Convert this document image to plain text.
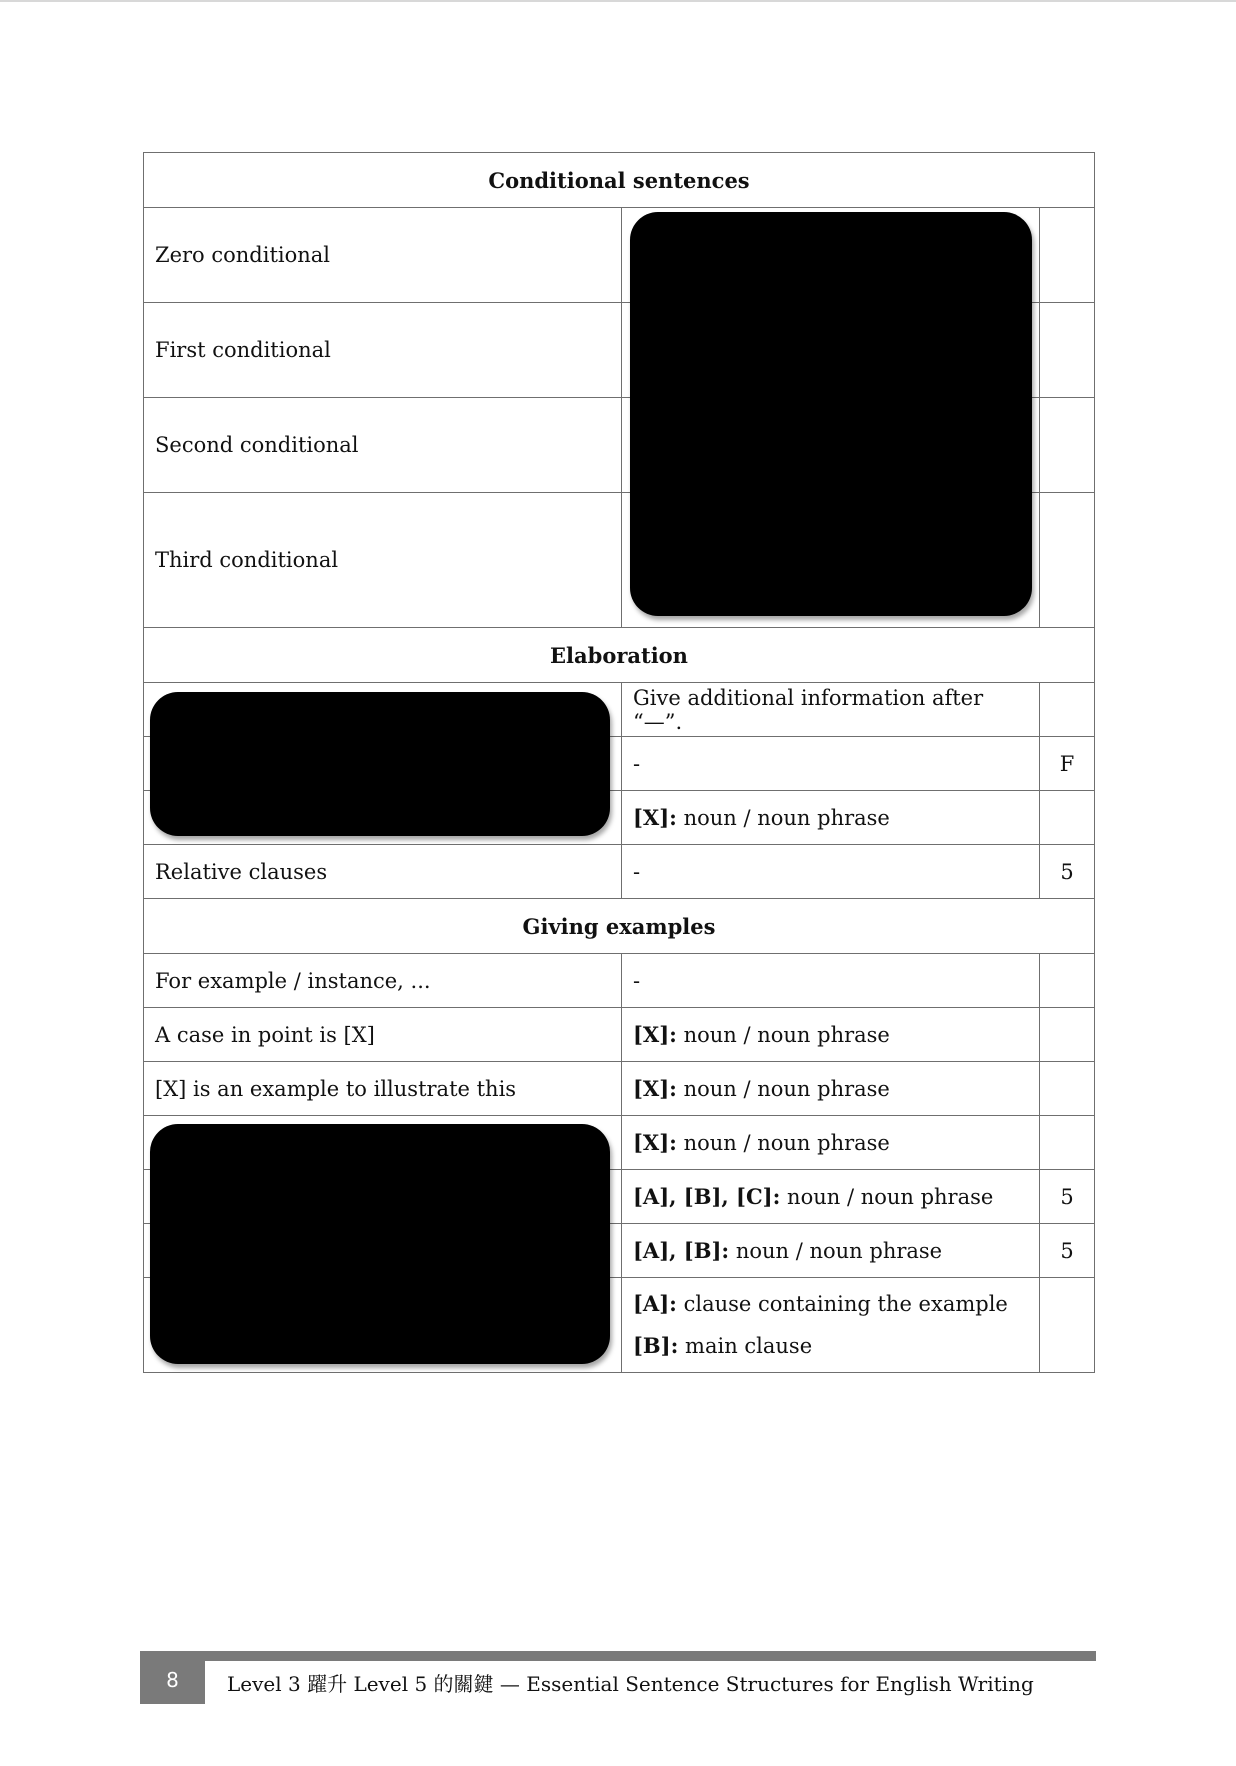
Conditional sentences		
Zero conditional		
First conditional		
Second conditional		
Third conditional		
Elaboration		
	Give additional information after “—”.	
	-	F
	[X]: noun / noun phrase	
Relative clauses	-	5
Giving examples		
For example / instance, ...	-	
A case in point is [X]	[X]: noun / noun phrase	
[X] is an example to illustrate this	[X]: noun / noun phrase	
	[X]: noun / noun phrase	
	[A], [B], [C]: noun / noun phrase	5
	[A], [B]: noun / noun phrase	5

	[A]: clause containing the example
[B]: main clause	

8	Level 3 躍升 Level 5 的關鍵 — Essential Sentence Structures for English Writing
